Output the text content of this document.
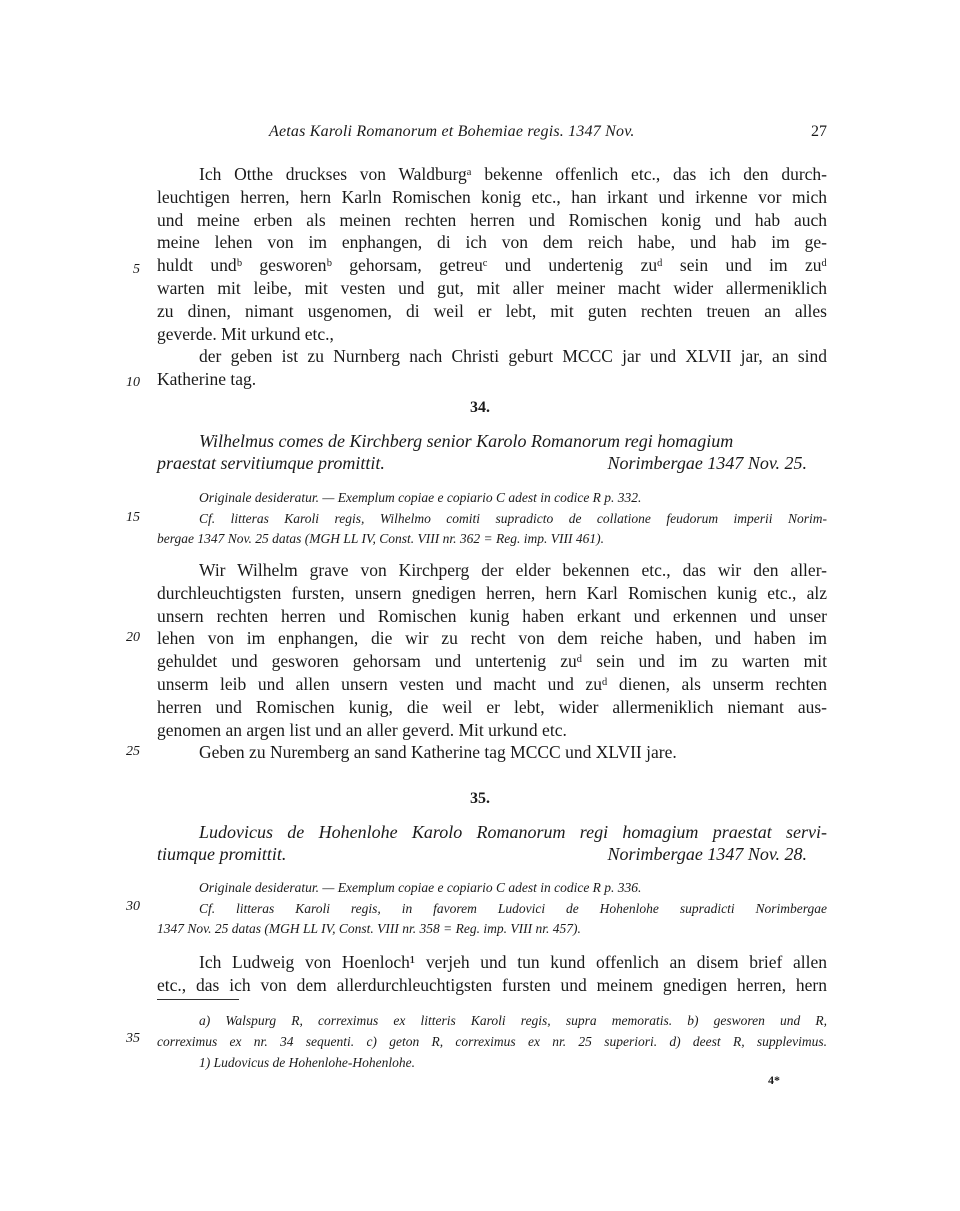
Aetas Karoli Romanorum et Bohemiae regis. 1347 Nov.	27
Ich Otthe druckses von Waldburgᵃ bekenne offenlich etc., das ich den durch-
leuchtigen herren, hern Karln Romischen konig etc., han irkant und irkenne vor mich
und meine erben als meinen rechten herren und Romischen konig und hab auch
meine lehen von im enphangen, di ich von dem reich habe, und hab im ge-
huldt undᵇ gesworenᵇ gehorsam, getreuᶜ und undertenig zuᵈ sein und im zuᵈ
warten mit leibe, mit vesten und gut, mit aller meiner macht wider allermeniklich
zu dinen, nimant usgenomen, di weil er lebt, mit guten rechten treuen an alles
geverde. Mit urkund etc.,
der geben ist zu Nurnberg nach Christi geburt MCCC jar und XLVII jar, an sind
Katherine tag.
5
10
34.
Wilhelmus comes de Kirchberg senior Karolo Romanorum regi homagium
praestat servitiumque promittit.	Norimbergae 1347 Nov. 25.
Originale desideratur. — Exemplum copiae e copiario C adest in codice R p. 332.
Cf. litteras Karoli regis, Wilhelmo comiti supradicto de collatione feudorum imperii Norim-
bergae 1347 Nov. 25 datas (MGH LL IV, Const. VIII nr. 362 = Reg. imp. VIII 461).
15
Wir Wilhelm grave von Kirchperg der elder bekennen etc., das wir den aller-
durchleuchtigsten fursten, unsern gnedigen herren, hern Karl Romischen kunig etc., alz
unsern rechten herren und Romischen kunig haben erkant und erkennen und unser
lehen von im enphangen, die wir zu recht von dem reiche haben, und haben im
gehuldet und gesworen gehorsam und untertenig zuᵈ sein und im zu warten mit
unserm leib und allen unsern vesten und macht und zuᵈ dienen, als unserm rechten
herren und Romischen kunig, die weil er lebt, wider allermeniklich niemant aus-
genomen an argen list und an aller geverd. Mit urkund etc.
Geben zu Nuremberg an sand Katherine tag MCCC und XLVII jare.
20
25
35.
Ludovicus de Hohenlohe Karolo Romanorum regi homagium praestat servi-
tiumque promittit.	Norimbergae 1347 Nov. 28.
Originale desideratur. — Exemplum copiae e copiario C adest in codice R p. 336.
Cf. litteras Karoli regis, in favorem Ludovici de Hohenlohe supradicti Norimbergae
1347 Nov. 25 datas (MGH LL IV, Const. VIII nr. 358 = Reg. imp. VIII nr. 457).
30
Ich Ludweig von Hoenloch¹ verjeh und tun kund offenlich an disem brief allen
etc., das ich von dem allerdurchleuchtigsten fursten und meinem gnedigen herren, hern
a) Walspurg R, correximus ex litteris Karoli regis, supra memoratis. b) gesworen und R,
correximus ex nr. 34 sequenti. c) geton R, correximus ex nr. 25 superiori. d) deest R, supplevimus.
1) Ludovicus de Hohenlohe-Hohenlohe.
35
4*
